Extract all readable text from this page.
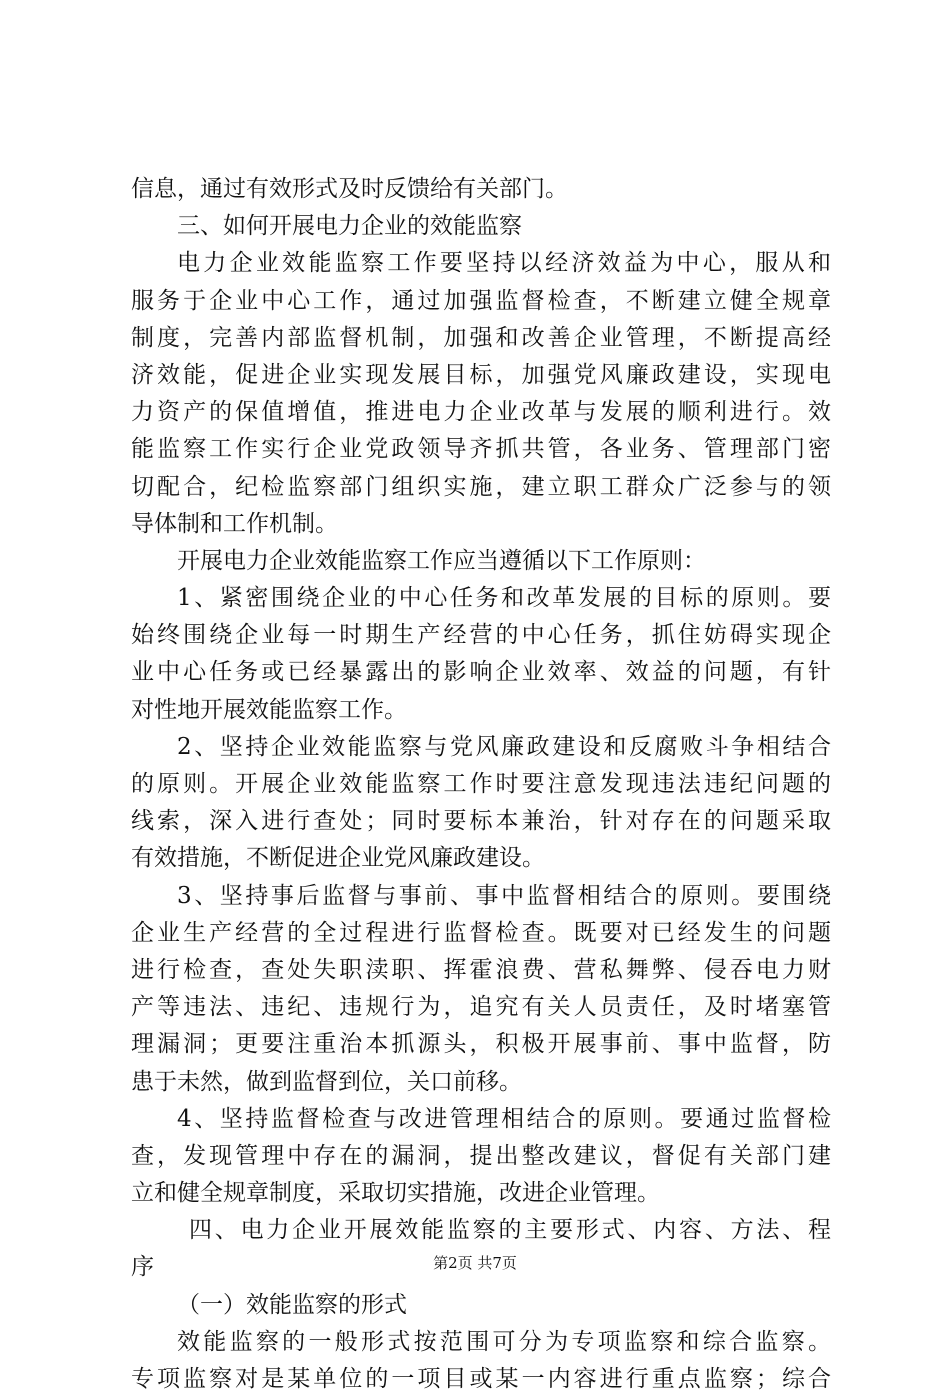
信息，通过有效形式及时反馈给有关部门。
三、如何开展电力企业的效能监察
电力企业效能监察工作要坚持以经济效益为中心，服从和
服务于企业中心工作，通过加强监督检查，不断建立健全规章
制度，完善内部监督机制，加强和改善企业管理，不断提高经
济效能，促进企业实现发展目标，加强党风廉政建设，实现电
力资产的保值增值，推进电力企业改革与发展的顺利进行。效
能监察工作实行企业党政领导齐抓共管，各业务、管理部门密
切配合，纪检监察部门组织实施，建立职工群众广泛参与的领
导体制和工作机制。
开展电力企业效能监察工作应当遵循以下工作原则：
1、紧密围绕企业的中心任务和改革发展的目标的原则。要
始终围绕企业每一时期生产经营的中心任务，抓住妨碍实现企
业中心任务或已经暴露出的影响企业效率、效益的问题，有针
对性地开展效能监察工作。
2、坚持企业效能监察与党风廉政建设和反腐败斗争相结合
的原则。开展企业效能监察工作时要注意发现违法违纪问题的
线索，深入进行查处；同时要标本兼治，针对存在的问题采取
有效措施，不断促进企业党风廉政建设。
3、坚持事后监督与事前、事中监督相结合的原则。要围绕
企业生产经营的全过程进行监督检查。既要对已经发生的问题
进行检查，查处失职渎职、挥霍浪费、营私舞弊、侵吞电力财
产等违法、违纪、违规行为，追究有关人员责任，及时堵塞管
理漏洞；更要注重治本抓源头，积极开展事前、事中监督，防
患于未然，做到监督到位，关口前移。
4、坚持监督检查与改进管理相结合的原则。要通过监督检
查，发现管理中存在的漏洞，提出整改建议，督促有关部门建
立和健全规章制度，采取切实措施，改进企业管理。
四、电力企业开展效能监察的主要形式、内容、方法、程
序
（一）效能监察的形式
效能监察的一般形式按范围可分为专项监察和综合监察。
专项监察对是某单位的一项目或某一内容进行重点监察；综合
第2页 共7页
